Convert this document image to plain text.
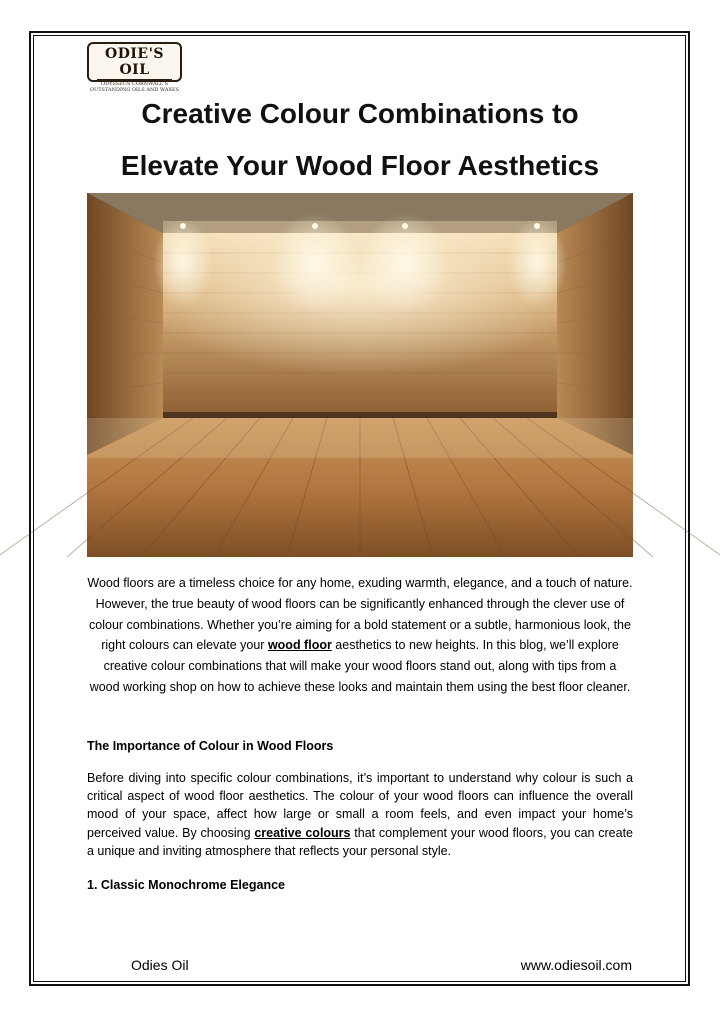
ODIE'S OIL
ODYSSEUS CORNWALL'S
OUTSTANDING OILS AND WAXES
Creative Colour Combinations to
Elevate Your Wood Floor Aesthetics

Wood floors are a timeless choice for any home, exuding warmth, elegance, and a touch of nature. However, the true beauty of wood floors can be significantly enhanced through the clever use of colour combinations. Whether you’re aiming for a bold statement or a subtle, harmonious look, the right colours can elevate your wood floor aesthetics to new heights. In this blog, we’ll explore creative colour combinations that will make your wood floors stand out, along with tips from a wood working shop on how to achieve these looks and maintain them using the best floor cleaner.

The Importance of Colour in Wood Floors

Before diving into specific colour combinations, it’s important to understand why colour is such a critical aspect of wood floor aesthetics. The colour of your wood floors can influence the overall mood of your space, affect how large or small a room feels, and even impact your home’s perceived value. By choosing creative colours that complement your wood floors, you can create a unique and inviting atmosphere that reflects your personal style.

1. Classic Monochrome Elegance
Odies Oil	www.odiesoil.com
